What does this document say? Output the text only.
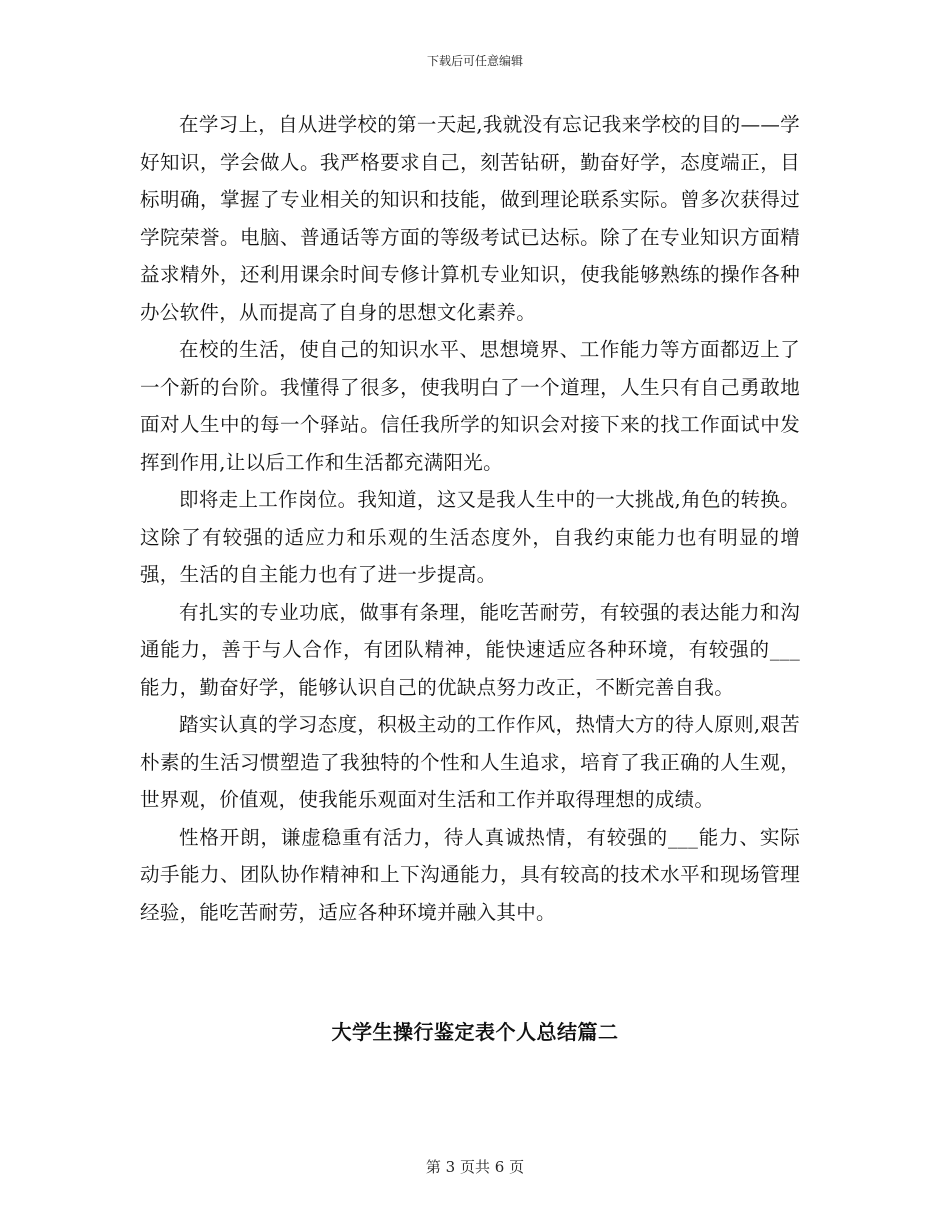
下载后可任意编辑

在学习上，自从进学校的第一天起,我就没有忘记我来学校的目的——学好知识，学会做人。我严格要求自己，刻苦钻研，勤奋好学，态度端正，目标明确，掌握了专业相关的知识和技能，做到理论联系实际。曾多次获得过学院荣誉。电脑、普通话等方面的等级考试已达标。除了在专业知识方面精益求精外，还利用课余时间专修计算机专业知识，使我能够熟练的操作各种办公软件，从而提高了自身的思想文化素养。

在校的生活，使自己的知识水平、思想境界、工作能力等方面都迈上了一个新的台阶。我懂得了很多，使我明白了一个道理，人生只有自己勇敢地面对人生中的每一个驿站。信任我所学的知识会对接下来的找工作面试中发挥到作用,让以后工作和生活都充满阳光。

即将走上工作岗位。我知道，这又是我人生中的一大挑战,角色的转换。这除了有较强的适应力和乐观的生活态度外，自我约束能力也有明显的增强，生活的自主能力也有了进一步提高。

有扎实的专业功底，做事有条理，能吃苦耐劳，有较强的表达能力和沟通能力，善于与人合作，有团队精神，能快速适应各种环境，有较强的___能力，勤奋好学，能够认识自己的优缺点努力改正，不断完善自我。

踏实认真的学习态度，积极主动的工作作风，热情大方的待人原则,艰苦朴素的生活习惯塑造了我独特的个性和人生追求，培育了我正确的人生观，世界观，价值观，使我能乐观面对生活和工作并取得理想的成绩。

性格开朗，谦虚稳重有活力，待人真诚热情，有较强的___能力、实际动手能力、团队协作精神和上下沟通能力，具有较高的技术水平和现场管理经验，能吃苦耐劳，适应各种环境并融入其中。

大学生操行鉴定表个人总结篇二
第 3 页共 6 页
